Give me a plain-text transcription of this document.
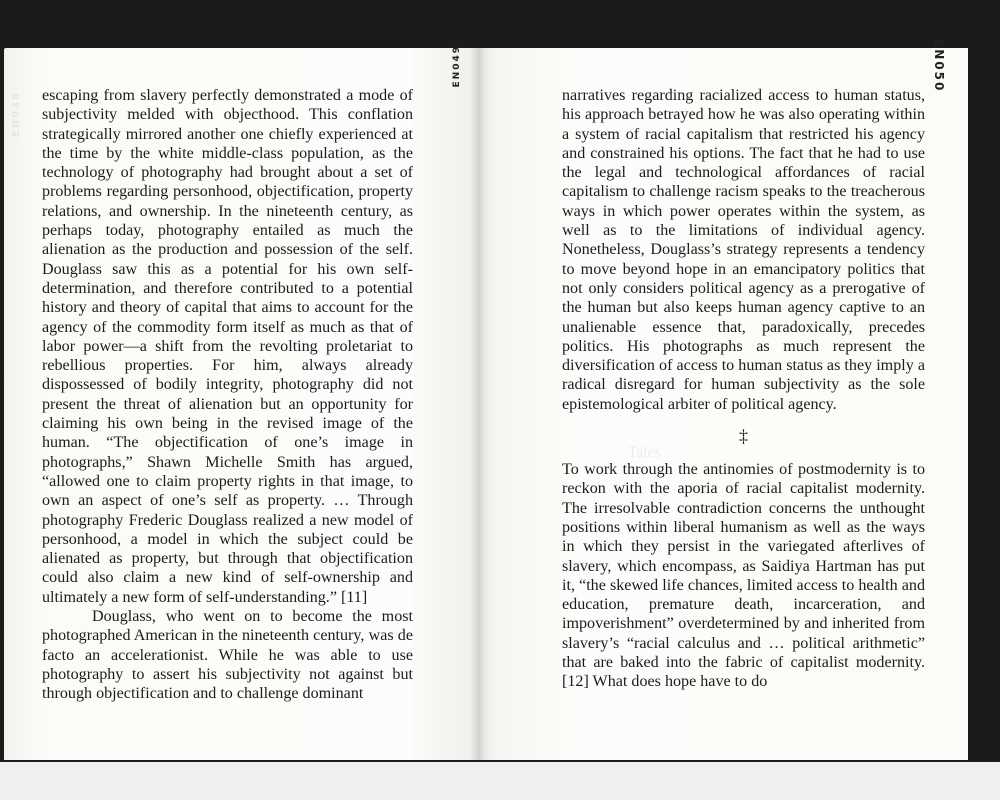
EN048 escaping from slavery perfectly demonstrated a mode of subjectivity melded with objecthood. This conflation strategically mirrored another one chiefly experienced at the time by the white middle-class population, as the technology of photography had brought about a set of problems regarding personhood, objectification, property relations, and ownership. In the nineteenth century, as perhaps today, photography entailed as much the alienation as the production and possession of the self. Douglass saw this as a potential for his own self-determination, and therefore contributed to a potential history and theory of capital that aims to account for the agency of the commodity form itself as much as that of labor power—a shift from the revolting proletariat to rebellious properties. For him, always already dispossessed of bodily integrity, photography did not present the threat of alienation but an opportunity for claiming his own being in the revised image of the human. “The objectification of one’s image in photographs,” Shawn Michelle Smith has argued, “allowed one to claim property rights in that image, to own an aspect of one’s self as property. … Through photography Frederic Douglass realized a new model of personhood, a model in which the subject could be alienated as property, but through that objectification could also claim a new kind of self-ownership and ultimately a new form of self-understanding.” [11]

Douglass, who went on to become the most photographed American in the nineteenth century, was de facto an accelerationist. While he was able to use photography to assert his subjectivity not against but through objectification and to challenge dominant

Tales

narratives regarding racialized access to human status, his approach betrayed how he was also operating within a system of racial capitalism that restricted his agency and constrained his options. The fact that he had to use the legal and technological affordances of racial capitalism to challenge racism speaks to the treacherous ways in which power operates within the system, as well as to the limitations of individual agency. Nonetheless, Douglass’s strategy represents a tendency to move beyond hope in an emancipatory politics that not only considers political agency as a prerogative of the human but also keeps human agency captive to an unalienable essence that, paradoxically, precedes politics. His photographs as much represent the diversification of access to human status as they imply a radical disregard for human subjectivity as the sole epistemological arbiter of political agency.

‡

To work through the antinomies of postmodernity is to reckon with the aporia of racial capitalist modernity. The irresolvable contradiction concerns the unthought positions within liberal humanism as well as the ways in which they persist in the variegated afterlives of slavery, which encompass, as Saidiya Hartman has put it, “the skewed life chances, limited access to health and education, premature death, incarceration, and impoverishment” overdetermined by and inherited from slavery’s “racial calculus and … political arithmetic” that are baked into the fabric of capitalist modernity. [12] What does hope have to do

EN049	EN050
